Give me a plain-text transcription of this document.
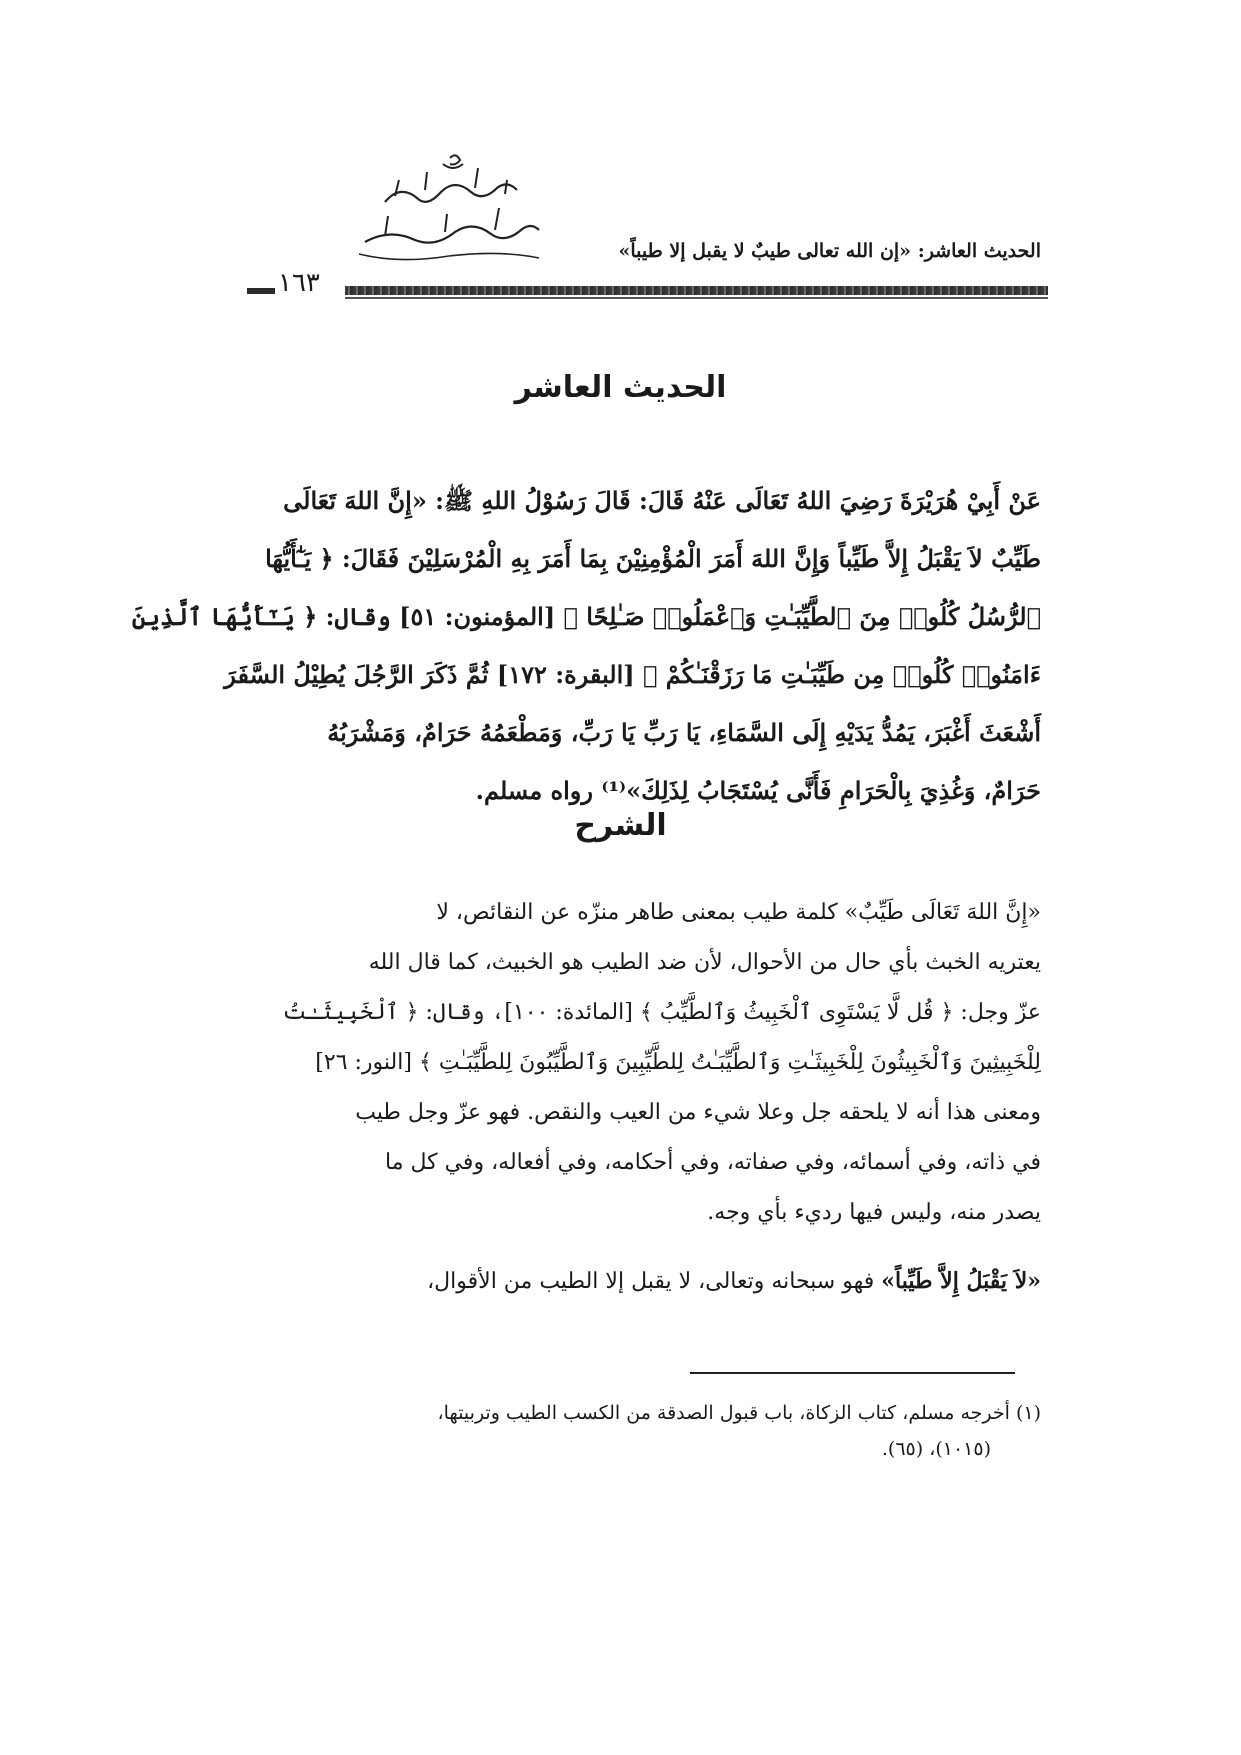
الحديث العاشر: «إن الله تعالى طيبٌ لا يقبل إلا طيباً»
١٦٣
الحديث العاشر
عَنْ أَبِيْ هُرَيْرَةَ رَضِيَ اللهُ تَعَالَى عَنْهُ قَالَ: قَالَ رَسُوْلُ اللهِ ﷺ: «إِنَّ اللهَ تَعَالَى
طَيِّبٌ لاَ يَقْبَلُ إِلاَّ طَيِّباً وَإِنَّ اللهَ أَمَرَ الْمُؤْمِنِيْنَ بِمَا أَمَرَ بِهِ الْمُرْسَلِيْنَ فَقَالَ: ﴿ يَـٰٓأَيُّهَا
ٱلرُّسُلُ كُلُوا۟ مِنَ ٱلطَّيِّبَـٰتِ وَٱعْمَلُوا۟ صَـٰلِحًا ﴾ [المؤمنون: ٥١] وقال: ﴿ يَـٰٓأَيُّهَا ٱلَّذِينَ
ءَامَنُوا۟ كُلُوا۟ مِن طَيِّبَـٰتِ مَا رَزَقْنَـٰكُمْ ﴾ [البقرة: ١٧٢] ثُمَّ ذَكَرَ الرَّجُلَ يُطِيْلُ السَّفَرَ
أَشْعَثَ أَغْبَرَ، يَمُدُّ يَدَيْهِ إِلَى السَّمَاءِ، يَا رَبِّ يَا رَبِّ، وَمَطْعَمُهُ حَرَامٌ، وَمَشْرَبُهُ
حَرَامٌ، وَغُذِيَ بِالْحَرَامِ فَأَنَّى يُسْتَجَابُ لِذَلِكَ»⁽¹⁾ رواه مسلم.
الشرح
«إِنَّ اللهَ تَعَالَى طَيِّبٌ» كلمة طيب بمعنى طاهر منزّه عن النقائص، لا
يعتريه الخبث بأي حال من الأحوال، لأن ضد الطيب هو الخبيث، كما قال الله
عزّ وجل: ﴿ قُل لَّا يَسْتَوِى ٱلْخَبِيثُ وَٱلطَّيِّبُ ﴾ [المائدة: ١٠٠]، وقال: ﴿ ٱلْخَبِيثَـٰتُ
لِلْخَبِيثِينَ وَٱلْخَبِيثُونَ لِلْخَبِيثَـٰتِ وَٱلطَّيِّبَـٰتُ لِلطَّيِّبِينَ وَٱلطَّيِّبُونَ لِلطَّيِّبَـٰتِ ﴾ [النور: ٢٦]
ومعنى هذا أنه لا يلحقه جل وعلا شيء من العيب والنقص. فهو عزّ وجل طيب
في ذاته، وفي أسمائه، وفي صفاته، وفي أحكامه، وفي أفعاله، وفي كل ما
يصدر منه، وليس فيها رديء بأي وجه.
«لاَ يَقْبَلُ إِلاَّ طَيِّباً» فهو سبحانه وتعالى، لا يقبل إلا الطيب من الأقوال،
(١) أخرجه مسلم، كتاب الزكاة، باب قبول الصدقة من الكسب الطيب وتربيتها،
(١٠١٥)، (٦٥).
